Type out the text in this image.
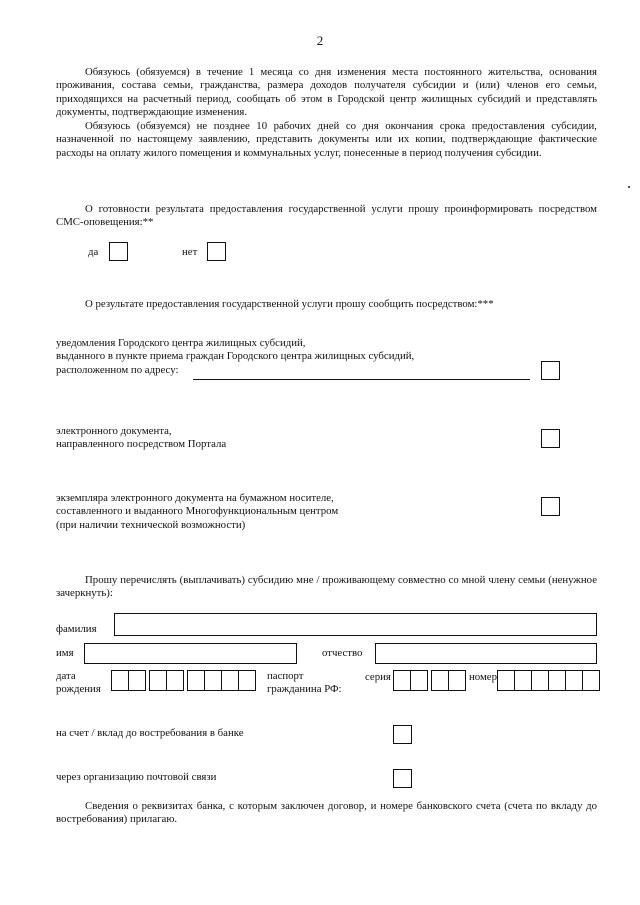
2
Обязуюсь (обязуемся) в течение 1 месяца со дня изменения места постоянного жительства, основания проживания, состава семьи, гражданства, размера доходов получателя субсидии и (или) членов его семьи, приходящихся на расчетный период, сообщать об этом в Городской центр жилищных субсидий и представлять документы, подтверждающие изменения.
Обязуюсь (обязуемся) не позднее 10 рабочих дней со дня окончания срока предоставления субсидии, назначенной по настоящему заявлению, представить документы или их копии, подтверждающие фактические расходы на оплату жилого помещения и коммунальных услуг, понесенные в период получения субсидии.
О готовности результата предоставления государственной услуги прошу проинформировать посредством СМС-оповещения:**
да	нет
О результате предоставления государственной услуги прошу сообщить посредством:***
уведомления Городского центра жилищных субсидий,
выданного в пункте приема граждан Городского центра жилищных субсидий,
расположенном по адресу:
электронного документа,
направленного посредством Портала
экземпляра электронного документа на бумажном носителе,
составленного и выданного Многофункциональным центром
(при наличии технической возможности)
Прошу перечислять (выплачивать) субсидию мне / проживающему совместно со мной члену семьи (ненужное зачеркнуть):
фамилия
имя	отчество
дата
рождения
паспорт
гражданина РФ:
серия	номер
на счет / вклад до востребования в банке
через организацию почтовой связи
Сведения о реквизитах банка, с которым заключен договор, и номере банковского счета (счета по вкладу до востребования) прилагаю.
